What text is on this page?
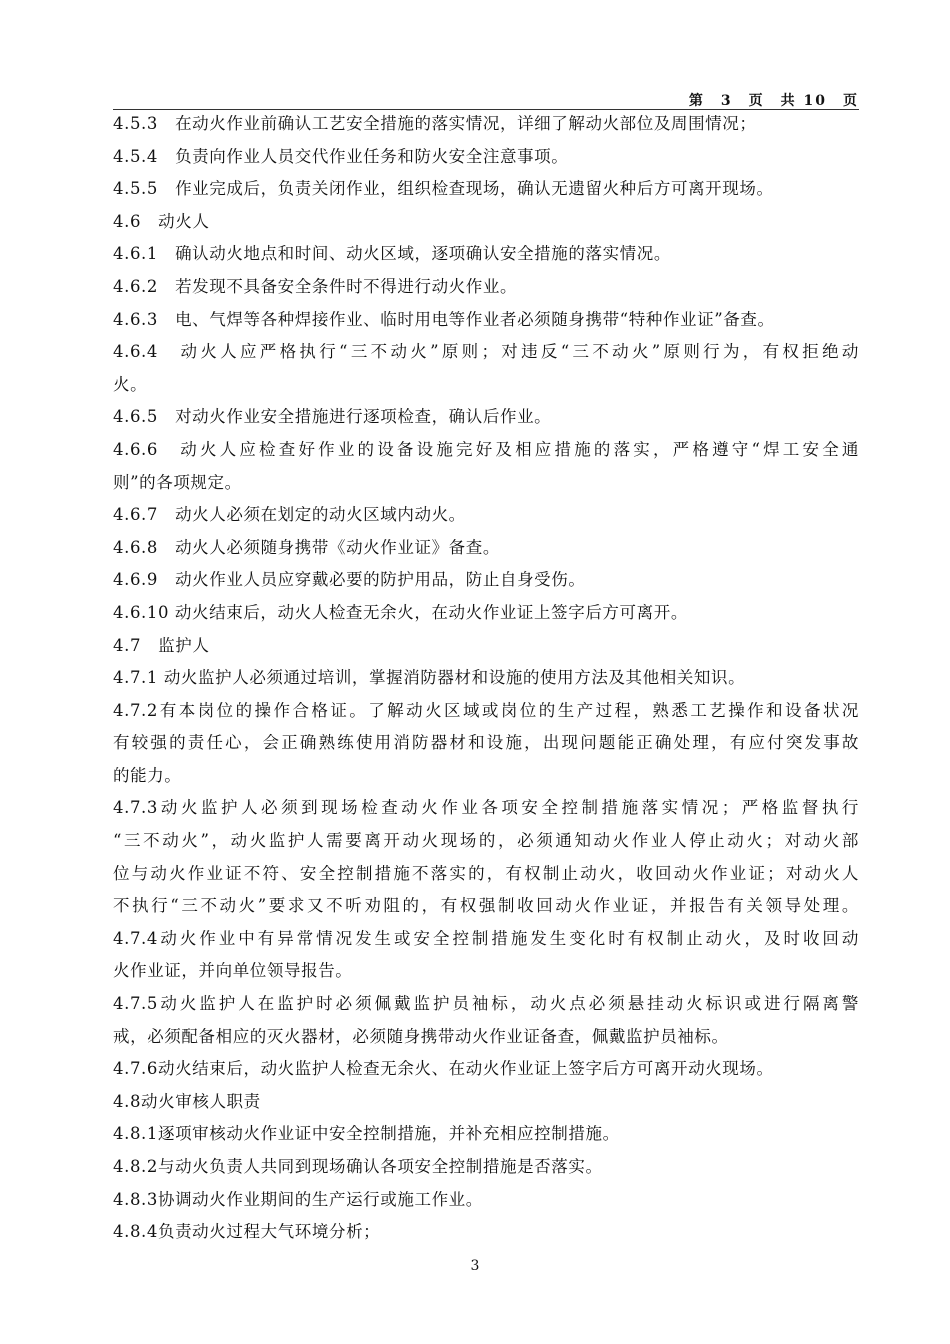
第　3　页　共 10　页
4.5.3　在动火作业前确认工艺安全措施的落实情况，详细了解动火部位及周围情况；
4.5.4　负责向作业人员交代作业任务和防火安全注意事项。
4.5.5　作业完成后，负责关闭作业，组织检查现场，确认无遗留火种后方可离开现场。
4.6　动火人
4.6.1　确认动火地点和时间、动火区域，逐项确认安全措施的落实情况。
4.6.2　若发现不具备安全条件时不得进行动火作业。
4.6.3　电、气焊等各种焊接作业、临时用电等作业者必须随身携带“特种作业证”备查。
4.6.4　动火人应严格执行“三不动火”原则；对违反“三不动火”原则行为，有权拒绝动
火。
4.6.5　对动火作业安全措施进行逐项检查，确认后作业。
4.6.6　动火人应检查好作业的设备设施完好及相应措施的落实，严格遵守“焊工安全通
则”的各项规定。
4.6.7　动火人必须在划定的动火区域内动火。
4.6.8　动火人必须随身携带《动火作业证》备查。
4.6.9　动火作业人员应穿戴必要的防护用品，防止自身受伤。
4.6.10 动火结束后，动火人检查无余火，在动火作业证上签字后方可离开。
4.7　监护人
4.7.1 动火监护人必须通过培训，掌握消防器材和设施的使用方法及其他相关知识。
4.7.2有本岗位的操作合格证。了解动火区域或岗位的生产过程，熟悉工艺操作和设备状况
有较强的责任心，会正确熟练使用消防器材和设施，出现问题能正确处理，有应付突发事故
的能力。
4.7.3动火监护人必须到现场检查动火作业各项安全控制措施落实情况；严格监督执行
“三不动火”，动火监护人需要离开动火现场的，必须通知动火作业人停止动火；对动火部
位与动火作业证不符、安全控制措施不落实的，有权制止动火，收回动火作业证；对动火人
不执行“三不动火”要求又不听劝阻的，有权强制收回动火作业证，并报告有关领导处理。
4.7.4动火作业中有异常情况发生或安全控制措施发生变化时有权制止动火，及时收回动
火作业证，并向单位领导报告。
4.7.5动火监护人在监护时必须佩戴监护员袖标，动火点必须悬挂动火标识或进行隔离警
戒，必须配备相应的灭火器材，必须随身携带动火作业证备查，佩戴监护员袖标。
4.7.6动火结束后，动火监护人检查无余火、在动火作业证上签字后方可离开动火现场。
4.8动火审核人职责
4.8.1逐项审核动火作业证中安全控制措施，并补充相应控制措施。
4.8.2与动火负责人共同到现场确认各项安全控制措施是否落实。
4.8.3协调动火作业期间的生产运行或施工作业。
4.8.4负责动火过程大气环境分析；
3
